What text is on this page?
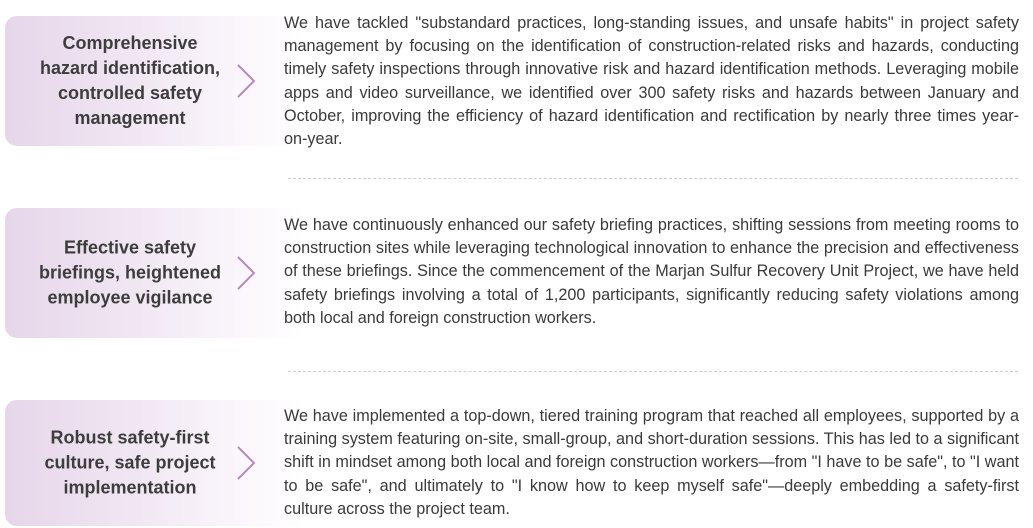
Comprehensive
hazard identification,
controlled safety
management

We have tackled "substandard practices, long-standing issues, and unsafe habits" in project safety management by focusing on the identification of construction-related risks and hazards, conducting timely safety inspections through innovative risk and hazard identification methods. Leveraging mobile apps and video surveillance, we identified over 300 safety risks and hazards between January and October, improving the efficiency of hazard identification and rectification by nearly three times year-on-year.

Effective safety
briefings, heightened
employee vigilance

We have continuously enhanced our safety briefing practices, shifting sessions from meeting rooms to construction sites while leveraging technological innovation to enhance the precision and effectiveness of these briefings. Since the commencement of the Marjan Sulfur Recovery Unit Project, we have held safety briefings involving a total of 1,200 participants, significantly reducing safety violations among both local and foreign construction workers.

Robust safety-first
culture, safe project
implementation

We have implemented a top-down, tiered training program that reached all employees, supported by a training system featuring on-site, small-group, and short-duration sessions. This has led to a significant shift in mindset among both local and foreign construction workers—from "I have to be safe", to "I want to be safe", and ultimately to "I know how to keep myself safe"—deeply embedding a safety-first culture across the project team.
